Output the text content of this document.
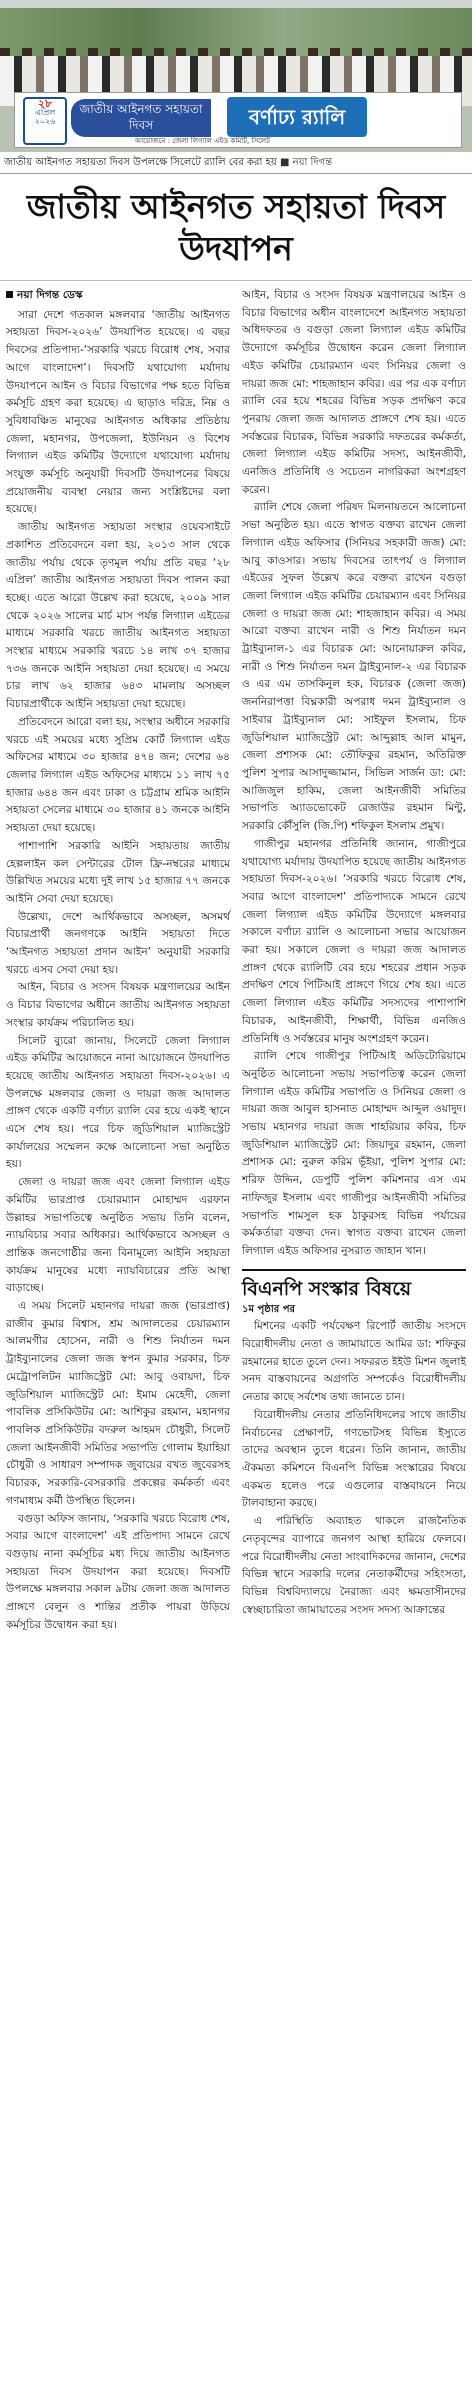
২৮
এপ্রিল
২০২৬
জাতীয় আইনগত সহায়তা দিবস	বর্ণাঢ্য র‍্যালি
আয়োজনে : জেলা লিগ্যাল এইড কমিটি, সিলেট
জাতীয় আইনগত সহায়তা দিবস উপলক্ষে সিলেটে র‍্যালি বের করা হয় ■ নয়া দিগন্ত
জাতীয় আইনগত সহায়তা দিবস উদযাপন
নয়া দিগন্ত ডেস্ক

সারা দেশে গতকাল মঙ্গলবার ‘জাতীয় আইনগত সহায়তা দিবস-২০২৬’ উদযাপিত হয়েছে। এ বছর দিবসের প্রতিপাদ্য-‘সরকারি খরচে বিরোধ শেষ, সবার আগে বাংলাদেশ’। দিবসটি যথাযোগ্য মর্যাদায় উদযাপনে আইন ও বিচার বিভাগের পক্ষ হতে বিভিন্ন কর্মসূচি গ্রহণ করা হয়েছে। এ ছাড়াও দরিদ্র, নিম্ন ও সুবিধাবঞ্চিত মানুষের আইনগত অধিকার প্রতিষ্ঠায় জেলা, মহানগর, উপজেলা, ইউনিয়ন ও বিশেষ লিগ্যাল এইড কমিটির উদ্যোগে যথাযোগ্য মর্যাদায় সংযুক্ত কর্মসূচি অনুযায়ী দিবসটি উদযাপনের বিষয়ে প্রয়োজনীয় ব্যবস্থা নেয়ার জন্য সংশ্লিষ্টদের বলা হয়েছে।

জাতীয় আইনগত সহায়তা সংস্থার ওয়েবসাইটে প্রকাশিত প্রতিবেদনে বলা হয়, ২০১৩ সাল থেকে জাতীয় পর্যায় থেকে তৃণমূল পর্যায় প্রতি বছর ‘২৮ এপ্রিল’ জাতীয় আইনগত সহায়তা দিবস পালন করা হচ্ছে। এতে আরো উল্লেখ করা হয়েছে, ২০০৯ সাল থেকে ২০২৬ সালের মার্চ মাস পর্যন্ত লিগ্যাল এইডের মাধ্যমে সরকারি খরচে জাতীয় আইনগত সহায়তা সংস্থার মাধ্যমে সরকারি খরচে ১৪ লাখ ৩৭ হাজার ৭৩৬ জনকে আইনি সহায়তা দেয়া হয়েছে। এ সময়ে চার লাখ ৬২ হাজার ৬৪৩ মামলায় অসচ্ছল বিচারপ্রার্থীকে আইনি সহায়তা দেয়া হয়েছে।

প্রতিবেদনে আরো বলা হয়, সংস্থার অধীনে সরকারি খরচে এই সময়ের মধ্যে সুপ্রিম কোর্ট লিগ্যাল এইড অফিসের মাধ্যমে ৩০ হাজার ৪৭৪ জন; দেশের ৬৪ জেলার লিগ্যাল এইড অফিসের মাধ্যমে ১১ লাখ ৭৫ হাজার ৬৪৪ জন এবং ঢাকা ও চট্টগ্রাম শ্রমিক আইনি সহায়তা সেলের মাধ্যমে ৩০ হাজার ৪১ জনকে আইনি সহায়তা দেয়া হয়েছে।

পাশাপাশি সরকারি আইনি সহায়তায় জাতীয় হেল্পলাইন কল সেন্টারের টোল ফ্রি-নম্বরের মাধ্যমে উল্লিখিত সময়ের মধ্যে দুই লাখ ১৫ হাজার ৭৭ জনকে আইনি সেবা দেয়া হয়েছে।

উল্লেখ্য, দেশে আর্থিকভাবে অসচ্ছল, অসমর্থ বিচারপ্রার্থী জনগণকে আইনি সহায়তা দিতে ‘আইনগত সহায়তা প্রদান আইন’ অনুযায়ী সরকারি খরচে এসব সেবা দেয়া হয়।

আইন, বিচার ও সংসদ বিষয়ক মন্ত্রণালয়ের আইন ও বিচার বিভাগের অধীনে জাতীয় আইনগত সহায়তা সংস্থার কার্যক্রম পরিচালিত হয়।

সিলেট ব্যুরো জানায়, সিলেটে জেলা লিগ্যাল এইড কমিটির আয়োজনে নানা আয়োজনে উদযাপিত হয়েছে জাতীয় আইনগত সহায়তা দিবস-২০২৬। এ উপলক্ষে মঙ্গলবার জেলা ও দায়রা জজ আদালত প্রাঙ্গণ থেকে একটি বর্ণাঢ্য র‍্যালি বের হয়ে একই স্থানে এসে শেষ হয়। পরে চিফ জুডিশিয়াল ম্যাজিস্ট্রেট কার্যালয়ের সম্মেলন কক্ষে আলোচনা সভা অনুষ্ঠিত হয়।

জেলা ও দায়রা জজ এবং জেলা লিগ্যাল এইড কমিটির ভারপ্রাপ্ত চেয়ারম্যান মোহাম্মদ এরফান উল্লাহর সভাপতিত্বে অনুষ্ঠিত সভায় তিনি বলেন, ন্যায়বিচার সবার অধিকার। আর্থিকভাবে অসচ্ছল ও প্রান্তিক জনগোষ্ঠীর জন্য বিনামূল্যে আইনি সহায়তা কার্যক্রম মানুষের মধ্যে ন্যায়বিচারের প্রতি আস্থা বাড়াচ্ছে।

এ সময় সিলেট মহানগর দায়রা জজ (ভারপ্রাপ্ত) রাজীব কুমার বিশ্বাস, শ্রম আদালতের চেয়ারম্যান আলমগীর হোসেন, নারী ও শিশু নির্যাতন দমন ট্রাইব্যুনালের জেলা জজ স্বপন কুমার সরকার, চিফ মেট্রোপলিটন ম্যাজিস্ট্রেট মো: আবু ওবায়দা, চিফ জুডিশিয়াল ম্যাজিস্ট্রেট মো: ইমাম মেহেদী, জেলা পাবলিক প্রসিকিউটর মো: আশিকুর রহমান, মহানগর পাবলিক প্রসিকিউটর বদরুল আহমদ চৌধুরী, সিলেট জেলা আইনজীবী সমিতির সভাপতি গোলাম ইয়াহিয়া চৌধুরী ও সাধারণ সম্পাদক জুবায়ের বখত জুবেরসহ বিচারক, সরকারি-বেসরকারি প্রকল্পের কর্মকর্তা এবং গণমাধ্যম কর্মী উপস্থিত ছিলেন।

বগুড়া অফিস জানায়, ‘সরকারি খরচে বিরোধ শেষ, সবার আগে বাংলাদেশ’ এই প্রতিপাদ্য সামনে রেখে বগুড়ায় নানা কর্মসূচির মধ্য দিয়ে জাতীয় আইনগত সহায়তা দিবস উদযাপন করা হয়েছে। দিবসটি উপলক্ষে মঙ্গলবার সকাল ৯টায় জেলা জজ আদালত প্রাঙ্গণে বেলুন ও শান্তির প্রতীক পায়রা উড়িয়ে কর্মসূচির উদ্বোধন করা হয়।

আইন, বিচার ও সংসদ বিষয়ক মন্ত্রণালয়ের আইন ও বিচার বিভাগের অধীন বাংলাদেশে আইনগত সহায়তা অধিদফতর ও বগুড়া জেলা লিগ্যাল এইড কমিটির উদ্যোগে কর্মসূচির উদ্বোধন করেন জেলা লিগ্যাল এইড কমিটির চেয়ারম্যান এবং সিনিয়র জেলা ও দায়রা জজ মো: শাহজাহান কবির। এর পর এক বর্ণাঢ্য র‍্যালি বের হয়ে শহরের বিভিন্ন সড়ক প্রদক্ষিণ করে পুনরায় জেলা জজ আদালত প্রাঙ্গণে শেষ হয়। এতে সর্বস্তরের বিচারক, বিভিন্ন সরকারি দফতরের কর্মকর্তা, জেলা লিগ্যাল এইড কমিটির সদস্য, আইনজীবী, এনজিও প্রতিনিধি ও সচেতন নাগরিকরা অংশগ্রহণ করেন।

র‍্যালি শেষে জেলা পরিষদ মিলনায়তনে আলোচনা সভা অনুষ্ঠিত হয়। এতে স্বাগত বক্তব্য রাখেন জেলা লিগ্যাল এইড অফিসার (সিনিয়র সহকারী জজ) মো: আবু কাওসার। সভায় দিবসের তাৎপর্য ও লিগ্যাল এইডের সুফল উল্লেখ করে বক্তব্য রাখেন বগুড়া জেলা লিগ্যাল এইড কমিটির চেয়ারম্যান এবং সিনিয়র জেলা ও দায়রা জজ মো: শাহজাহান কবির। এ সময় আরো বক্তব্য রাখেন নারী ও শিশু নির্যাতন দমন ট্রাইব্যুনাল-১ এর বিচারক মো: আনোয়ারুল কবির, নারী ও শিশু নির্যাতন দমন ট্রাইব্যুনাল-২ এর বিচারক ও এর এম তাসকিনুল হক, বিচারক (জেলা জজ) জননিরাপত্তা বিঘ্নকারী অপরাধ দমন ট্রাইব্যুনাল ও সাইবার ট্রাইব্যুনাল মো: সাইফুল ইসলাম, চিফ জুডিশিয়াল ম্যাজিস্ট্রেট মো: আব্দুল্লাহ আল মামুন, জেলা প্রশাসক মো: তৌফিকুর রহমান, অতিরিক্ত পুলিশ সুপার আসাদুজ্জামান, সিভিল সার্জন ডা: মো: আজিজুল হাকিম, জেলা আইনজীবী সমিতির সভাপতি অ্যাডভোকেট রেজাউর রহমান মিন্টু, সরকারি কৌঁসুলি (জি.পি) শফিকুল ইসলাম প্রমুখ।

গাজীপুর মহানগর প্রতিনিধি জানান, গাজীপুরে যথাযোগ্য মর্যাদায় উদযাপিত হয়েছে জাতীয় আইনগত সহায়তা দিবস-২০২৬। ‘সরকারি খরচে বিরোধ শেষ, সবার আগে বাংলাদেশ’ প্রতিপাদ্যকে সামনে রেখে জেলা লিগ্যাল এইড কমিটির উদ্যোগে মঙ্গলবার সকালে বর্ণাঢ্য র‍্যালি ও আলোচনা সভার আয়োজন করা হয়। সকালে জেলা ও দায়রা জজ আদালত প্রাঙ্গণ থেকে র‍্যালিটি বের হয়ে শহরের প্রধান সড়ক প্রদক্ষিণ শেষে পিটিআই প্রাঙ্গণে গিয়ে শেষ হয়। এতে জেলা লিগ্যাল এইড কমিটির সদস্যদের পাশাপাশি বিচারক, আইনজীবী, শিক্ষার্থী, বিভিন্ন এনজিও প্রতিনিধি ও সর্বস্তরের মানুষ অংশগ্রহণ করেন।

র‍্যালি শেষে গাজীপুর পিটিআই অডিটোরিয়ামে অনুষ্ঠিত আলোচনা সভায় সভাপতিত্ব করেন জেলা লিগ্যাল এইড কমিটির সভাপতি ও সিনিয়র জেলা ও দায়রা জজ আবুল হাসনাত মোহাম্মদ আব্দুল ওয়াদুদ। সভায় মহানগর দায়রা জজ শাহরিয়ার কবির, চিফ জুডিশিয়াল ম্যাজিস্ট্রেট মো: জিয়াদুর রহমান, জেলা প্রশাসক মো: নুরুল করিম ভূঁইয়া, পুলিশ সুপার মো: শরিফ উদ্দিন, ডেপুটি পুলিশ কমিশনার এস এম নাফিজুর ইসলাম এবং গাজীপুর আইনজীবী সমিতির সভাপতি শামসুল হক ঠাকুরসহ বিভিন্ন পর্যায়ের কর্মকর্তারা বক্তব্য দেন। স্বাগত বক্তব্য রাখেন জেলা লিগ্যাল এইড অফিসার নুসরাত জাহান খান।

বিএনপি সংস্কার বিষয়ে
১ম পৃষ্ঠার পর

মিশনের একটি পর্যবেক্ষণ রিপোর্ট জাতীয় সংসদে বিরোধীদলীয় নেতা ও জামায়াতে আমির ডা: শফিকুর রহমানের হাতে তুলে দেন। সফররত ইইউ মিশন জুলাই সনদ বাস্তবায়নের অগ্রগতি সম্পর্কেও বিরোধীদলীয় নেতার কাছে সর্বশেষ তথ্য জানতে চান।

বিরোধীদলীয় নেতার প্রতিনিধিদলের সাথে জাতীয় নির্বাচনের প্রেক্ষাপট, গণভোটসহ বিভিন্ন ইস্যুতে তাদের অবস্থান তুলে ধরেন। তিনি জানান, জাতীয় ঐকমত্য কমিশনে বিএনপি বিভিন্ন সংস্কারের বিষয়ে একমত হলেও পরে এগুলোর বাস্তবায়নে নিয়ে টালবাহানা করছে।

এ পরিস্থিতি অব্যাহত থাকলে রাজনৈতিক নেতৃবৃন্দের ব্যাপারে জনগণ আস্থা হারিয়ে ফেলবে। পরে বিরোধীদলীয় নেতা সাংবাদিকদের জানান, দেশের বিভিন্ন স্থানে সরকারি দলের নেতাকর্মীদের সহিংসতা, বিভিন্ন বিশ্ববিদ্যালয়ে নৈরাজ্য এবং ক্ষমতাসীনদের স্বেচ্ছাচারিতা জামায়াতের সংসদ সদস্য আক্রান্তের
